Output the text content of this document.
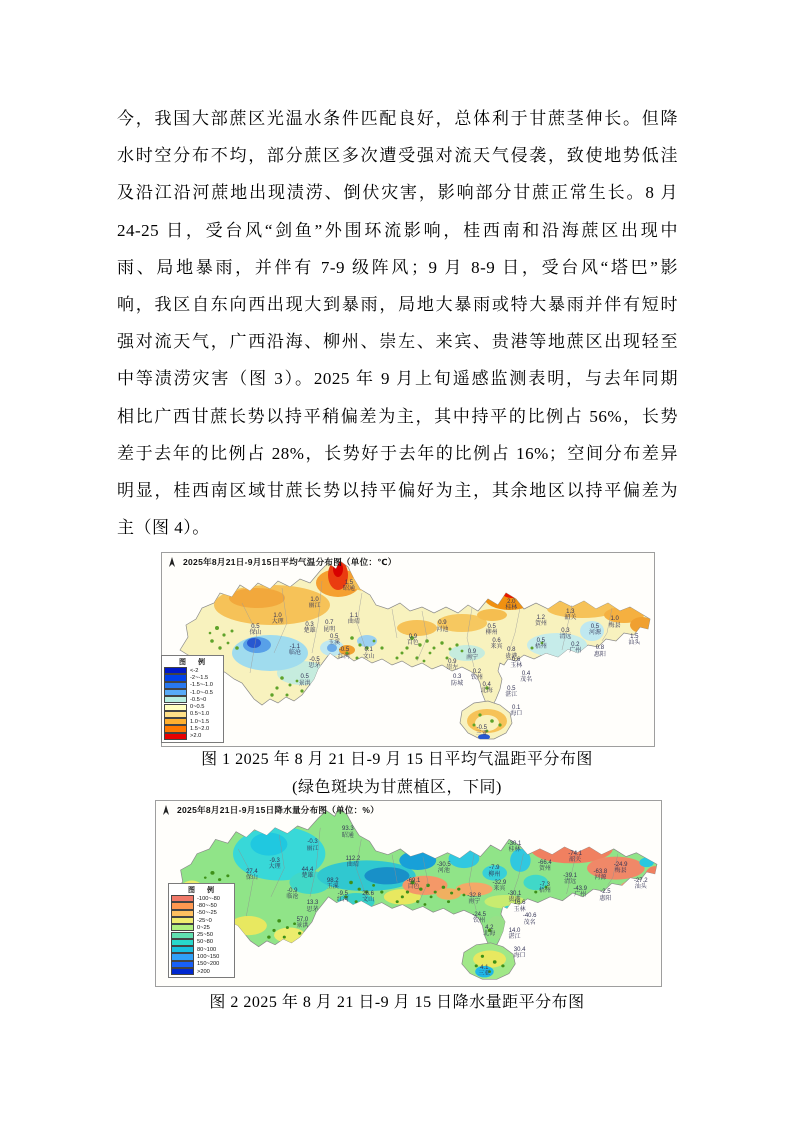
今，我国大部蔗区光温水条件匹配良好，总体利于甘蔗茎伸长。但降
水时空分布不均，部分蔗区多次遭受强对流天气侵袭，致使地势低洼
及沿江沿河蔗地出现渍涝、倒伏灾害，影响部分甘蔗正常生长。8 月
24-25 日，受台风“剑鱼”外围环流影响，桂西南和沿海蔗区出现中
雨、局地暴雨，并伴有 7-9 级阵风；9 月 8-9 日，受台风“塔巴”影
响，我区自东向西出现大到暴雨，局地大暴雨或特大暴雨并伴有短时
强对流天气，广西沿海、柳州、崇左、来宾、贵港等地蔗区出现轻至
中等渍涝灾害（图 3）。2025 年 9 月上旬遥感监测表明，与去年同期
相比广西甘蔗长势以持平稍偏差为主，其中持平的比例占 56%，长势
差于去年的比例占 28%，长势好于去年的比例占 16%；空间分布差异
明显，桂西南区域甘蔗长势以持平偏好为主，其余地区以持平偏差为
主（图 4）。
2025年8月21日-9月15日平均气温分布图（单位：℃）
1.0
丽江
1.0
大理
0.5
保山
0.3
楚雄
0.7
昆明
0.5
玉溪
1.1
曲靖
1.5
昭通
-1.1
临沧
-0.5
思茅
0.5
景洪
-0.5
红河
0.1
文山
0.9
百色
0.9
河池
2.0
桂林
0.5
柳州
0.6
来宾
0.8
贵港
1.2
贺州
0.5
梧州
0.9
南宁
0.9
崇左
0.6
玉林
0.2
钦州
0.4
北海
0.3
防城
0.5
湛江
0.4
茂名
0.1
海口
1.3
韶关
0.3
清远
0.2
广州
0.5
河源
0.8
惠阳
1.0
梅县
1.5
汕头
-0.5
三亚
图 例
<-2
-2~-1.5
-1.5~-1.0
-1.0~-0.5
-0.5~0
0~0.5
0.5~1.0
1.0~1.5
1.5~2.0
>2.0
图 1 2025 年 8 月 21 日-9 月 15 日平均气温距平分布图
(绿色斑块为甘蔗植区，下同)
2025年8月21日-9月15日降水量分布图（单位：%）
-0.3
丽江
-9.3
大理
27.4
保山
44.4
楚雄
98.2
玉溪
112.2
曲靖
93.3
昭通
-0.9
临沧
13.3
思茅
57.0
景洪
-9.5
红河
26.6
文山
-69.1
百色
-30.5
河池
-30.1
桂林
-7.9
柳州
-32.9
来宾
-30.1
贵港
-66.4
贺州
-7.3
梧州
-32.8
南宁	16.6
玉林
-24.5
钦州
4.2
北海
-40.6
茂名
14.0
湛江
30.4
海口
-74.1
韶关
-39.1
清远
-43.9
广州
-63.8
河源
-2.5
惠阳
-24.9
梅县
-27.2
汕头
4.1
三亚
图 例
-100~-80
-80~-50
-50~-25
-25~0
0~25
25~50
50~80
80~100
100~150
150~200
>200
图 2 2025 年 8 月 21 日-9 月 15 日降水量距平分布图
